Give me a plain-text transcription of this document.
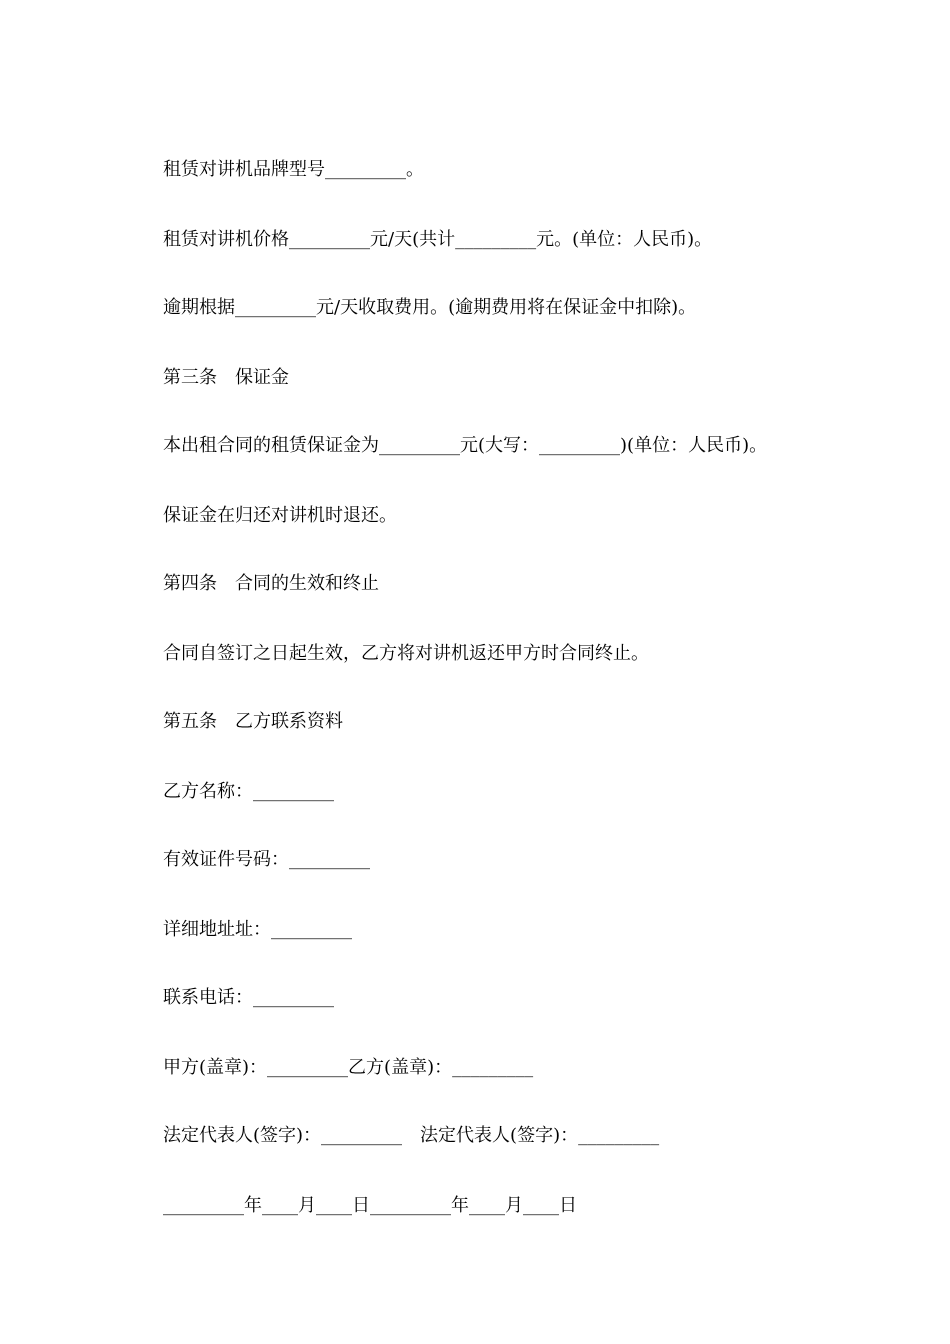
租赁对讲机品牌型号_________。
租赁对讲机价格_________元/天(共计_________元。(单位：人民币)。
逾期根据_________元/天收取费用。(逾期费用将在保证金中扣除)。
第三条　保证金
本出租合同的租赁保证金为_________元(大写：_________)(单位：人民币)。
保证金在归还对讲机时退还。
第四条　合同的生效和终止
合同自签订之日起生效，乙方将对讲机返还甲方时合同终止。
第五条　乙方联系资料
乙方名称：_________
有效证件号码：_________
详细地址址：_________
联系电话：_________
甲方(盖章)：_________乙方(盖章)：_________
法定代表人(签字)：_________　法定代表人(签字)：_________
_________年____月____日_________年____月____日
